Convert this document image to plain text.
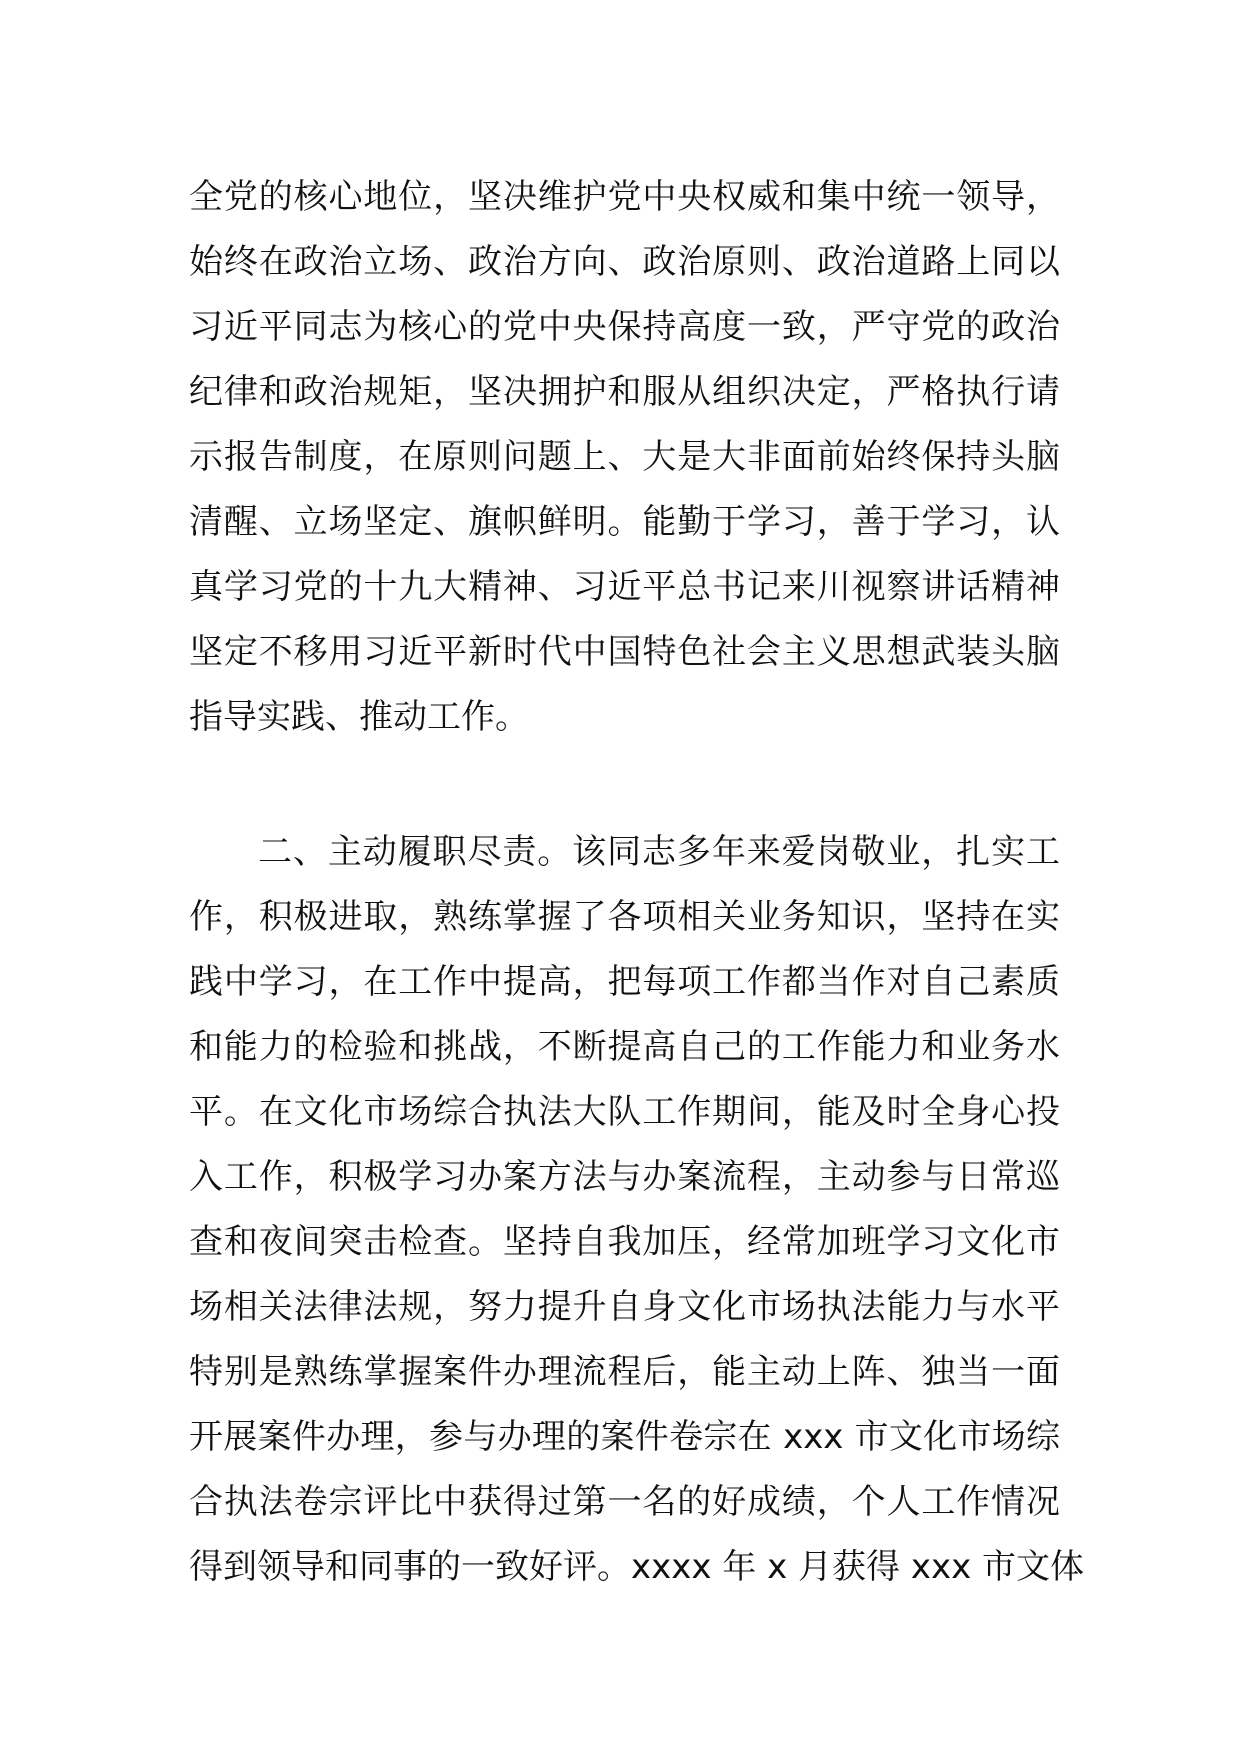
全党的核心地位，坚决维护党中央权威和集中统一领导，
始终在政治立场、政治方向、政治原则、政治道路上同以
习近平同志为核心的党中央保持高度一致，严守党的政治
纪律和政治规矩，坚决拥护和服从组织决定，严格执行请
示报告制度，在原则问题上、大是大非面前始终保持头脑
清醒、立场坚定、旗帜鲜明。能勤于学习，善于学习，认
真学习党的十九大精神、习近平总书记来川视察讲话精神
坚定不移用习近平新时代中国特色社会主义思想武装头脑
指导实践、推动工作。
二、主动履职尽责。该同志多年来爱岗敬业，扎实工
作，积极进取，熟练掌握了各项相关业务知识，坚持在实
践中学习，在工作中提高，把每项工作都当作对自己素质
和能力的检验和挑战，不断提高自己的工作能力和业务水
平。在文化市场综合执法大队工作期间，能及时全身心投
入工作，积极学习办案方法与办案流程，主动参与日常巡
查和夜间突击检查。坚持自我加压，经常加班学习文化市
场相关法律法规，努力提升自身文化市场执法能力与水平
特别是熟练掌握案件办理流程后，能主动上阵、独当一面
开展案件办理，参与办理的案件卷宗在 xxx 市文化市场综
合执法卷宗评比中获得过第一名的好成绩，个人工作情况
得到领导和同事的一致好评。xxxx 年 x 月获得 xxx 市文体
